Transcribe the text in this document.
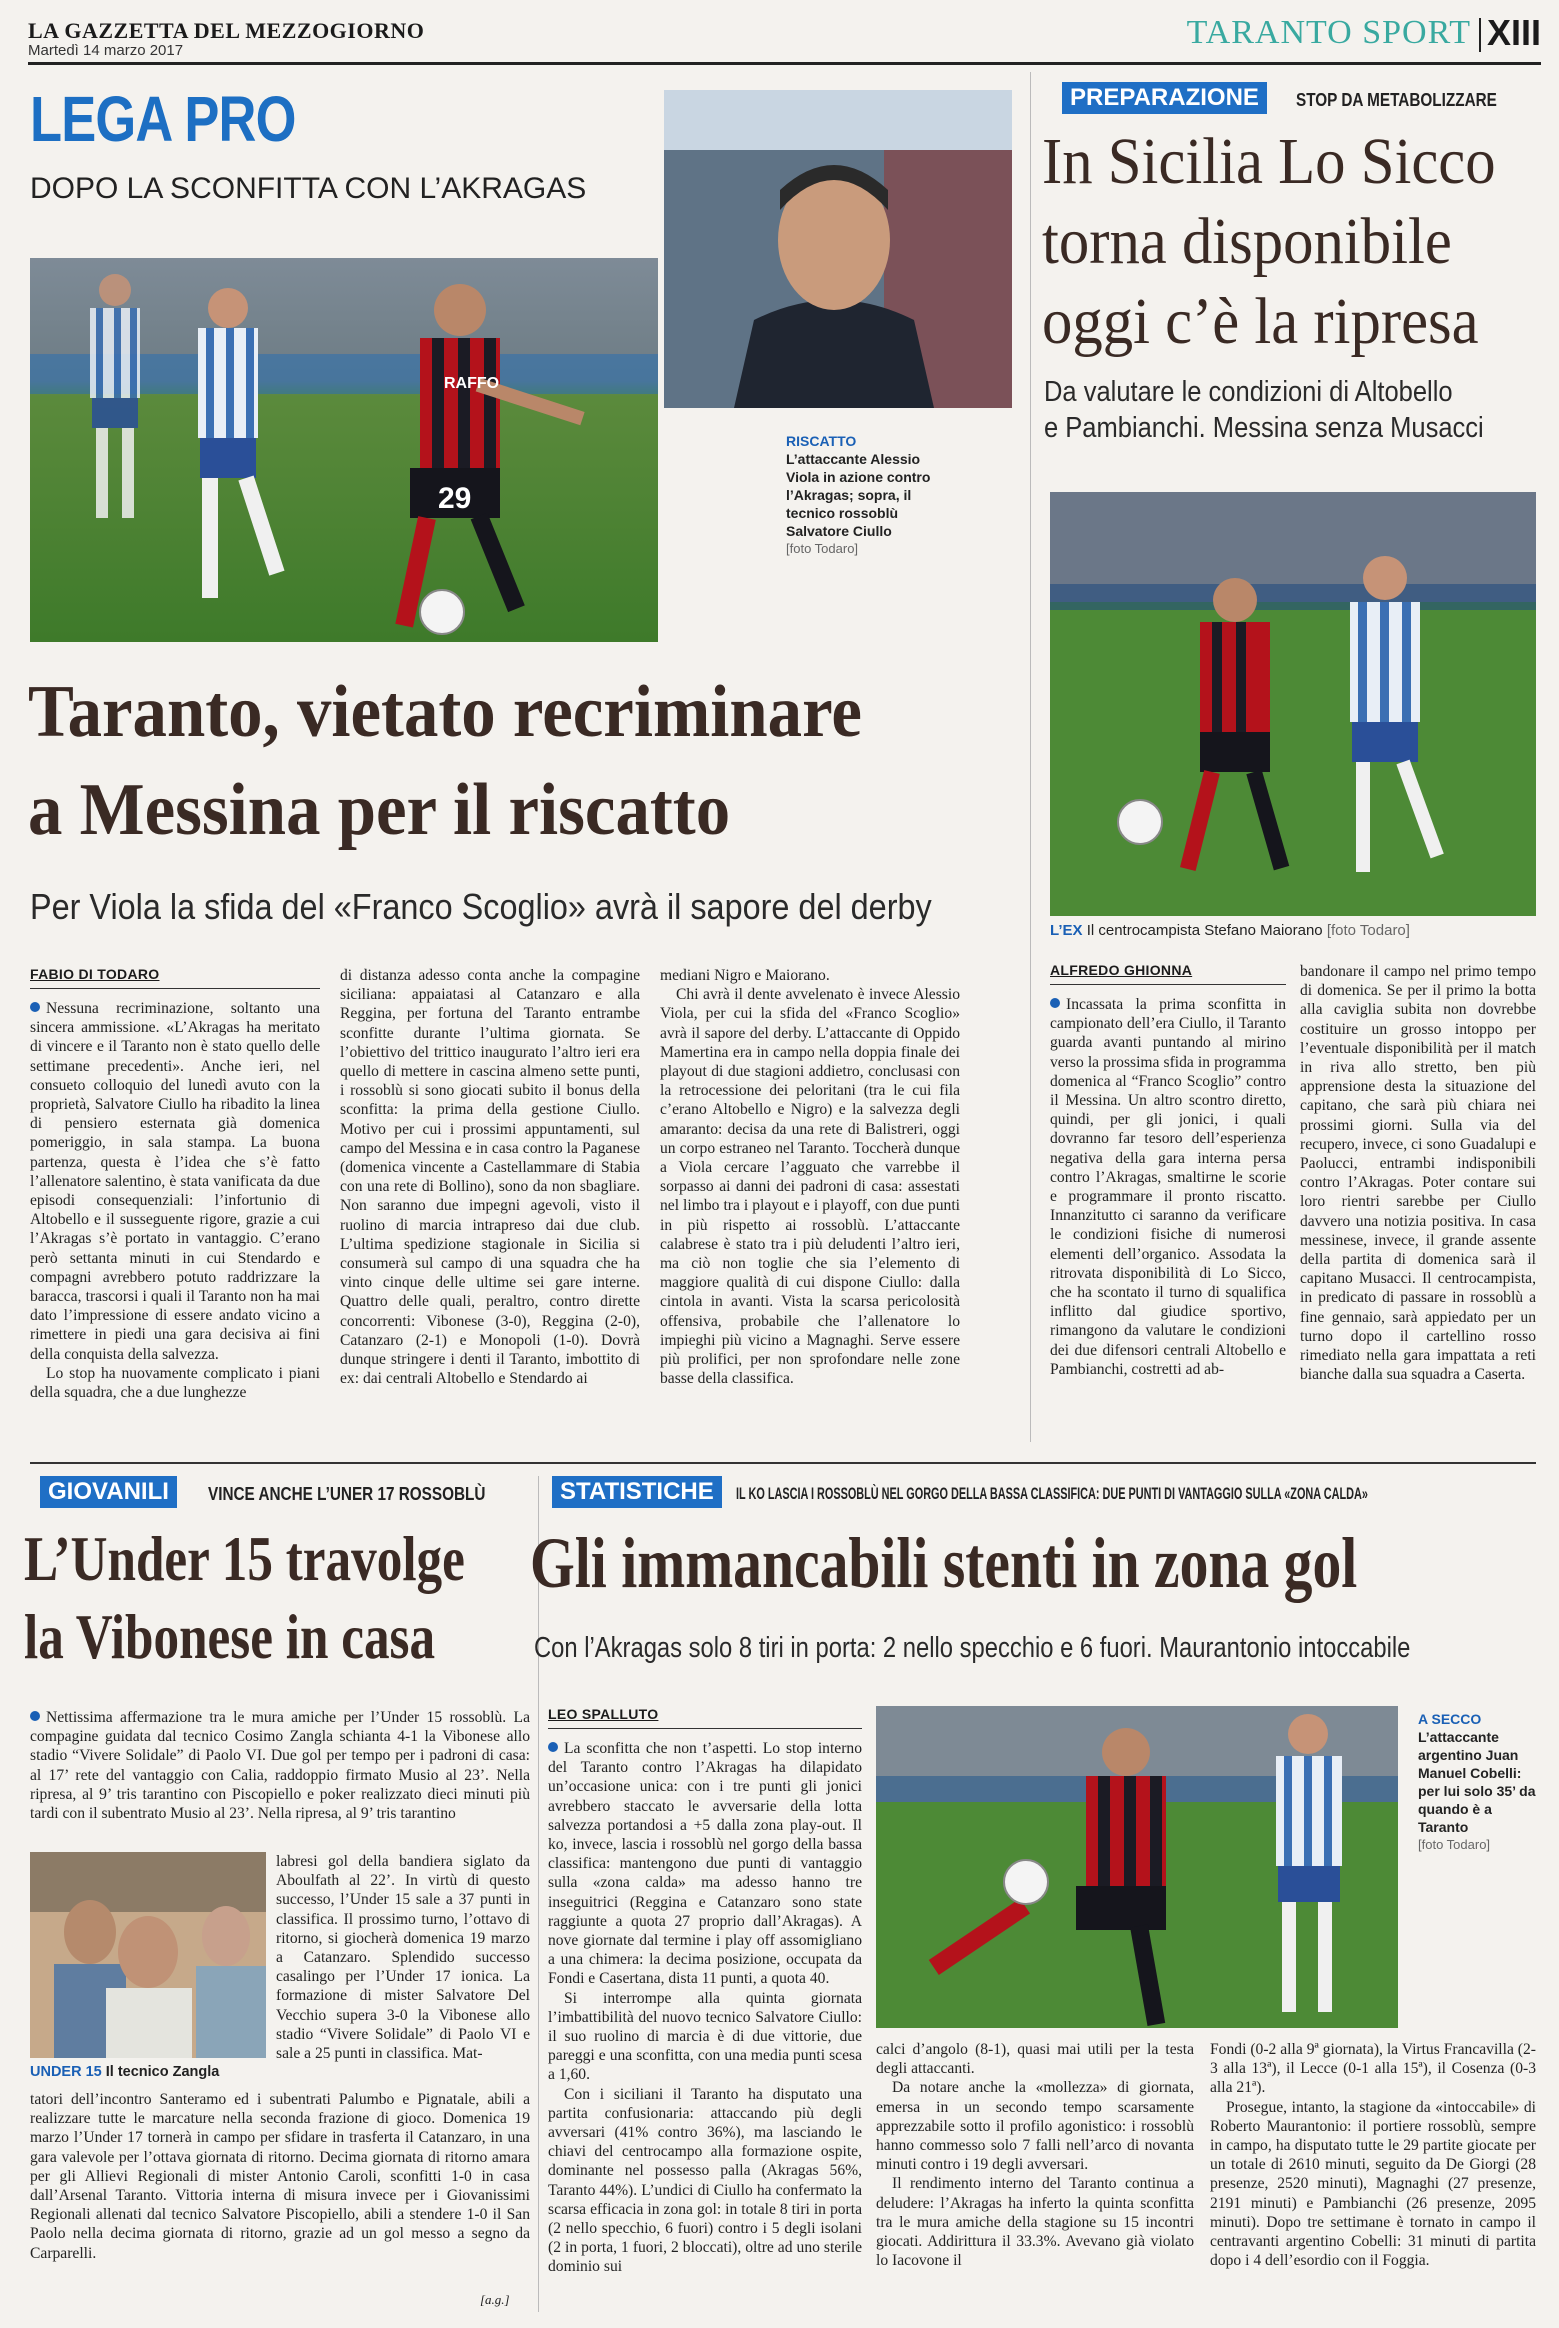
LA GAZZETTA DEL MEZZOGIORNO
Martedì 14 marzo 2017	TARANTO SPORT XIII
LEGA PRO
DOPO LA SCONFITTA CON L’AKRAGAS
RAFFO
29
RISCATTO
L’attaccante Alessio Viola in azione contro l’Akragas; sopra, il tecnico rossoblù Salvatore Ciullo
[foto Todaro]
Taranto, vietato recriminare
a Messina per il riscatto
Per Viola la sfida del «Franco Scoglio» avrà il sapore del derby
FABIO DI TODARO

Nessuna recriminazione, soltanto una sincera ammissione. «L’Akragas ha meritato di vincere e il Taranto non è stato quello delle settimane precedenti». Anche ieri, nel consueto colloquio del lunedì avuto con la proprietà, Salvatore Ciullo ha ribadito la linea di pensiero esternata già domenica pomeriggio, in sala stampa. La buona partenza, questa è l’idea che s’è fatto l’allenatore salentino, è stata vanificata da due episodi consequenziali: l’infortunio di Altobello e il susseguente rigore, grazie a cui l’Akragas s’è portato in vantaggio. C’erano però settanta minuti in cui Stendardo e compagni avrebbero potuto raddrizzare la baracca, trascorsi i quali il Taranto non ha mai dato l’impressione di essere andato vicino a rimettere in piedi una gara decisiva ai fini della conquista della salvezza.

Lo stop ha nuovamente complicato i piani della squadra, che a due lunghezze

di distanza adesso conta anche la compagine siciliana: appaiatasi al Catanzaro e alla Reggina, per fortuna del Taranto entrambe sconfitte durante l’ultima giornata. Se l’obiettivo del trittico inaugurato l’altro ieri era quello di mettere in cascina almeno sette punti, i rossoblù si sono giocati subito il bonus della sconfitta: la prima della gestione Ciullo. Motivo per cui i prossimi appuntamenti, sul campo del Messina e in casa contro la Paganese (domenica vincente a Castellammare di Stabia con una rete di Bollino), sono da non sbagliare. Non saranno due impegni agevoli, visto il ruolino di marcia intrapreso dai due club. L’ultima spedizione stagionale in Sicilia si consumerà sul campo di una squadra che ha vinto cinque delle ultime sei gare interne. Quattro delle quali, peraltro, contro dirette concorrenti: Vibonese (3-0), Reggina (2-0), Catanzaro (2-1) e Monopoli (1-0). Dovrà dunque stringere i denti il Taranto, imbottito di ex: dai centrali Altobello e Stendardo ai

mediani Nigro e Maiorano.

Chi avrà il dente avvelenato è invece Alessio Viola, per cui la sfida del «Franco Scoglio» avrà il sapore del derby. L’attaccante di Oppido Mamertina era in campo nella doppia finale dei playout di due stagioni addietro, conclusasi con la retrocessione dei peloritani (tra le cui fila c’erano Altobello e Nigro) e la salvezza degli amaranto: decisa da una rete di Balistreri, oggi un corpo estraneo nel Taranto. Toccherà dunque a Viola cercare l’agguato che varrebbe il sorpasso ai danni dei padroni di casa: assestati nel limbo tra i playout e i playoff, con due punti in più rispetto ai rossoblù. L’attaccante calabrese è stato tra i più deludenti l’altro ieri, ma ciò non toglie che sia l’elemento di maggiore qualità di cui dispone Ciullo: dalla cintola in avanti. Vista la scarsa pericolosità offensiva, probabile che l’allenatore lo impieghi più vicino a Magnaghi. Serve essere più prolifici, per non sprofondare nelle zone basse della classifica.

PREPARAZIONE	STOP DA METABOLIZZARE
In Sicilia Lo Sicco
torna disponibile
oggi c’è la ripresa
Da valutare le condizioni di Altobello
e Pambianchi. Messina senza Musacci
L’EX Il centrocampista Stefano Maiorano [foto Todaro]
ALFREDO GHIONNA

Incassata la prima sconfitta in campionato dell’era Ciullo, il Taranto guarda avanti puntando al mirino verso la prossima sfida in programma domenica al “Franco Scoglio” contro il Messina. Un altro scontro diretto, quindi, per gli jonici, i quali dovranno far tesoro dell’esperienza negativa della gara interna persa contro l’Akragas, smaltirne le scorie e programmare il pronto riscatto. Innanzitutto ci saranno da verificare le condizioni fisiche di numerosi elementi dell’organico. Assodata la ritrovata disponibilità di Lo Sicco, che ha scontato il turno di squalifica inflitto dal giudice sportivo, rimangono da valutare le condizioni dei due difensori centrali Altobello e Pambianchi, costretti ad ab-

bandonare il campo nel primo tempo di domenica. Se per il primo la botta alla caviglia subita non dovrebbe costituire un grosso intoppo per l’eventuale disponibilità per il match in riva allo stretto, ben più apprensione desta la situazione del capitano, che sarà più chiara nei prossimi giorni. Sulla via del recupero, invece, ci sono Guadalupi e Paolucci, entrambi indisponibili contro l’Akragas. Poter contare sui loro rientri sarebbe per Ciullo davvero una notizia positiva. In casa messinese, invece, il grande assente della partita di domenica sarà il capitano Musacci. Il centrocampista, in predicato di passare in rossoblù a fine gennaio, sarà appiedato per un turno dopo il cartellino rosso rimediato nella gara impattata a reti bianche dalla sua squadra a Caserta.
GIOVANILI	VINCE ANCHE L’UNER 17 ROSSOBLÙ
L’Under 15 travolge
la Vibonese in casa

Nettissima affermazione tra le mura amiche per l’Under 15 rossoblù. La compagine guidata dal tecnico Cosimo Zangla schianta 4-1 la Vibonese allo stadio “Vivere Solidale” di Paolo VI. Due gol per tempo per i padroni di casa: al 17’ rete del vantaggio con Calia, raddoppio firmato Musio al 23’. Nella ripresa, al 9’ tris tarantino con Piscopiello e poker realizzato dieci minuti più tardi con il subentrato Musio al 23’. Nella ripresa, al 9’ tris tarantino

UNDER 15 Il tecnico Zangla
labresi gol della bandiera siglato da Aboulfath al 22’. In virtù di questo successo, l’Under 15 sale a 37 punti in classifica. Il prossimo turno, l’ottavo di ritorno, si giocherà domenica 19 marzo a Catanzaro. Splendido successo casalingo per l’Under 17 ionica. La formazione di mister Salvatore Del Vecchio supera 3-0 la Vibonese allo stadio “Vivere Solidale” di Paolo VI e sale a 25 punti in classifica. Mat-
tatori dell’incontro Santeramo ed i subentrati Palumbo e Pignatale, abili a realizzare tutte le marcature nella seconda frazione di gioco. Domenica 19 marzo l’Under 17 tornerà in campo per sfidare in trasferta il Catanzaro, in una gara valevole per l’ottava giornata di ritorno. Decima giornata di ritorno amara per gli Allievi Regionali di mister Antonio Caroli, sconfitti 1-0 in casa dall’Arsenal Taranto. Vittoria interna di misura invece per i Giovanissimi Regionali allenati dal tecnico Salvatore Piscopiello, abili a stendere 1-0 il San Paolo nella decima giornata di ritorno, grazie ad un gol messo a segno da Carparelli.
[a.g.]
STATISTICHE	IL KO LASCIA I ROSSOBLÙ NEL GORGO DELLA BASSA CLASSIFICA: DUE PUNTI DI VANTAGGIO SULLA «ZONA CALDA»
Gli immancabili stenti in zona gol
Con l’Akragas solo 8 tiri in porta: 2 nello specchio e 6 fuori. Maurantonio intoccabile
LEO SPALLUTO

La sconfitta che non t’aspetti. Lo stop interno del Taranto contro l’Akragas ha dilapidato un’occasione unica: con i tre punti gli jonici avrebbero staccato le avversarie della lotta salvezza portandosi a +5 dalla zona play-out. Il ko, invece, lascia i rossoblù nel gorgo della bassa classifica: mantengono due punti di vantaggio sulla «zona calda» ma adesso hanno tre inseguitrici (Reggina e Catanzaro sono state raggiunte a quota 27 proprio dall’Akragas). A nove giornate dal termine i play off assomigliano a una chimera: la decima posizione, occupata da Fondi e Casertana, dista 11 punti, a quota 40.

Si interrompe alla quinta giornata l’imbattibilità del nuovo tecnico Salvatore Ciullo: il suo ruolino di marcia è di due vittorie, due pareggi e una sconfitta, con una media punti scesa a 1,60.

Con i siciliani il Taranto ha disputato una partita confusionaria: attaccando più degli avversari (41% contro 36%), ma lasciando le chiavi del centrocampo alla formazione ospite, dominante nel possesso palla (Akragas 56%, Taranto 44%). L’undici di Ciullo ha confermato la scarsa efficacia in zona gol: in totale 8 tiri in porta (2 nello specchio, 6 fuori) contro i 5 degli isolani (2 in porta, 1 fuori, 2 bloccati), oltre ad uno sterile dominio sui

A SECCO
L’attaccante argentino Juan Manuel Cobelli: per lui solo 35’ da quando è a Taranto
[foto Todaro]

calci d’angolo (8-1), quasi mai utili per la testa degli attaccanti.

Da notare anche la «mollezza» di giornata, emersa in un secondo tempo scarsamente apprezzabile sotto il profilo agonistico: i rossoblù hanno commesso solo 7 falli nell’arco di novanta minuti contro i 19 degli avversari.

Il rendimento interno del Taranto continua a deludere: l’Akragas ha inferto la quinta sconfitta tra le mura amiche della stagione su 15 incontri giocati. Addirittura il 33.3%. Avevano già violato lo Iacovone il

Fondi (0-2 alla 9ª giornata), la Virtus Francavilla (2-3 alla 13ª), il Lecce (0-1 alla 15ª), il Cosenza (0-3 alla 21ª).

Prosegue, intanto, la stagione da «intoccabile» di Roberto Maurantonio: il portiere rossoblù, sempre in campo, ha disputato tutte le 29 partite giocate per un totale di 2610 minuti, seguito da De Giorgi (28 presenze, 2520 minuti), Magnaghi (27 presenze, 2191 minuti) e Pambianchi (26 presenze, 2095 minuti). Dopo tre settimane è tornato in campo il centravanti argentino Cobelli: 31 minuti di partita dopo i 4 dell’esordio con il Foggia.
